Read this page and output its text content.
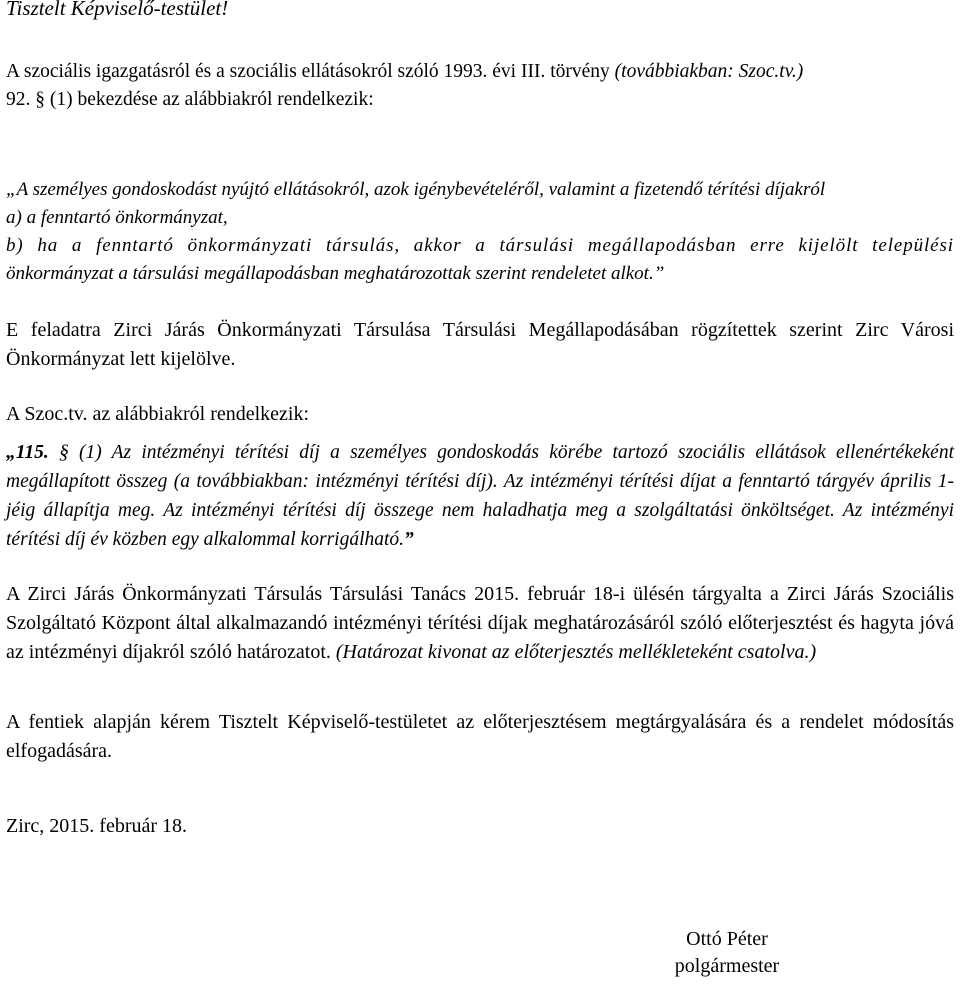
Tisztelt Képviselő-testület!
A szociális igazgatásról és a szociális ellátásokról szóló 1993. évi III. törvény (továbbiakban: Szoc.tv.)
92. § (1) bekezdése az alábbiakról rendelkezik:
„A személyes gondoskodást nyújtó ellátásokról, azok igénybevételéről, valamint a fizetendő térítési díjakról
a) a fenntartó önkormányzat,

b) ha a fenntartó önkormányzati társulás, akkor a társulási megállapodásban erre kijelölt települési

önkormányzat a társulási megállapodásban meghatározottak szerint rendeletet alkot.”

E feladatra Zirci Járás Önkormányzati Társulása Társulási Megállapodásában rögzítettek szerint Zirc Városi Önkormányzat lett kijelölve.

A Szoc.tv. az alábbiakról rendelkezik:

„115. § (1) Az intézményi térítési díj a személyes gondoskodás körébe tartozó szociális ellátások ellenértékeként megállapított összeg (a továbbiakban: intézményi térítési díj). Az intézményi térítési díjat a fenntartó tárgyév április 1-jéig állapítja meg. Az intézményi térítési díj összege nem haladhatja meg a szolgáltatási önköltséget. Az intézményi térítési díj év közben egy alkalommal korrigálható.”

A Zirci Járás Önkormányzati Társulás Társulási Tanács 2015. február 18-i ülésén tárgyalta a Zirci Járás Szociális Szolgáltató Központ által alkalmazandó intézményi térítési díjak meghatározásáról szóló előterjesztést és hagyta jóvá az intézményi díjakról szóló határozatot. (Határozat kivonat az előterjesztés mellékleteként csatolva.)

A fentiek alapján kérem Tisztelt Képviselő-testületet az előterjesztésem megtárgyalására és a rendelet módosítás elfogadására.

Zirc, 2015. február 18.

Ottó Péter
polgármester
